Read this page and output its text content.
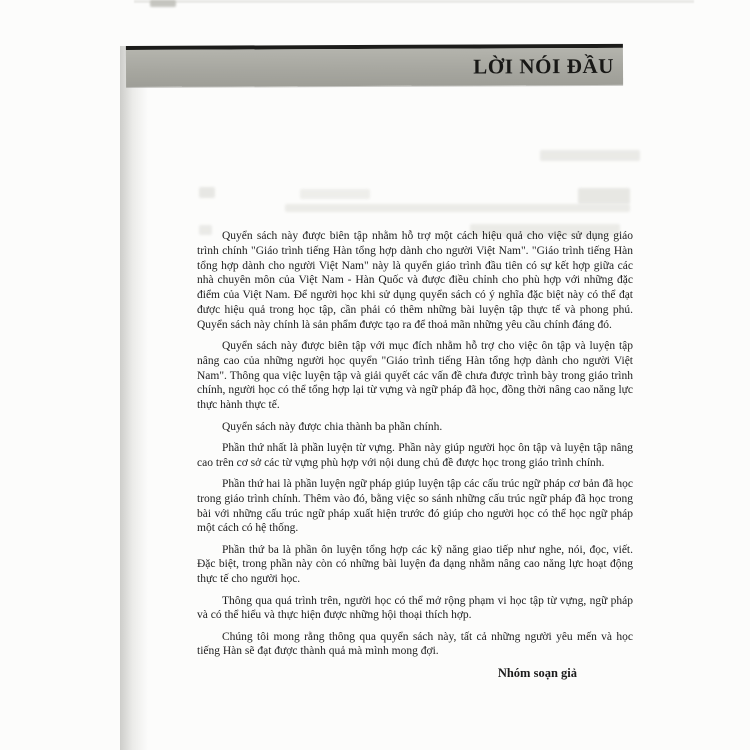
LỜI NÓI ĐẦU

Quyển sách này được biên tập nhằm hỗ trợ một cách hiệu quả cho việc sử dụng giáo trình chính "Giáo trình tiếng Hàn tổng hợp dành cho người Việt Nam". "Giáo trình tiếng Hàn tổng hợp dành cho người Việt Nam" này là quyển giáo trình đầu tiên có sự kết hợp giữa các nhà chuyên môn của Việt Nam - Hàn Quốc và được điều chỉnh cho phù hợp với những đặc điểm của Việt Nam. Để người học khi sử dụng quyển sách có ý nghĩa đặc biệt này có thể đạt được hiệu quả trong học tập, cần phải có thêm những bài luyện tập thực tế và phong phú. Quyển sách này chính là sản phẩm được tạo ra để thoả mãn những yêu cầu chính đáng đó.

Quyển sách này được biên tập với mục đích nhằm hỗ trợ cho việc ôn tập và luyện tập nâng cao của những người học quyển "Giáo trình tiếng Hàn tổng hợp dành cho người Việt Nam". Thông qua việc luyện tập và giải quyết các vấn đề chưa được trình bày trong giáo trình chính, người học có thể tổng hợp lại từ vựng và ngữ pháp đã học, đồng thời nâng cao năng lực thực hành thực tế.

Quyển sách này được chia thành ba phần chính.

Phần thứ nhất là phần luyện từ vựng. Phần này giúp người học ôn tập và luyện tập nâng cao trên cơ sở các từ vựng phù hợp với nội dung chủ đề được học trong giáo trình chính.

Phần thứ hai là phần luyện ngữ pháp giúp luyện tập các cấu trúc ngữ pháp cơ bản đã học trong giáo trình chính. Thêm vào đó, bằng việc so sánh những cấu trúc ngữ pháp đã học trong bài với những cấu trúc ngữ pháp xuất hiện trước đó giúp cho người học có thể học ngữ pháp một cách có hệ thống.

Phần thứ ba là phần ôn luyện tổng hợp các kỹ năng giao tiếp như nghe, nói, đọc, viết. Đặc biệt, trong phần này còn có những bài luyện đa dạng nhằm nâng cao năng lực hoạt động thực tế cho người học.

Thông qua quá trình trên, người học có thể mở rộng phạm vi học tập từ vựng, ngữ pháp và có thể hiểu và thực hiện được những hội thoại thích hợp.

Chúng tôi mong rằng thông qua quyển sách này, tất cả những người yêu mến và học tiếng Hàn sẽ đạt được thành quả mà mình mong đợi.

Nhóm soạn giả
